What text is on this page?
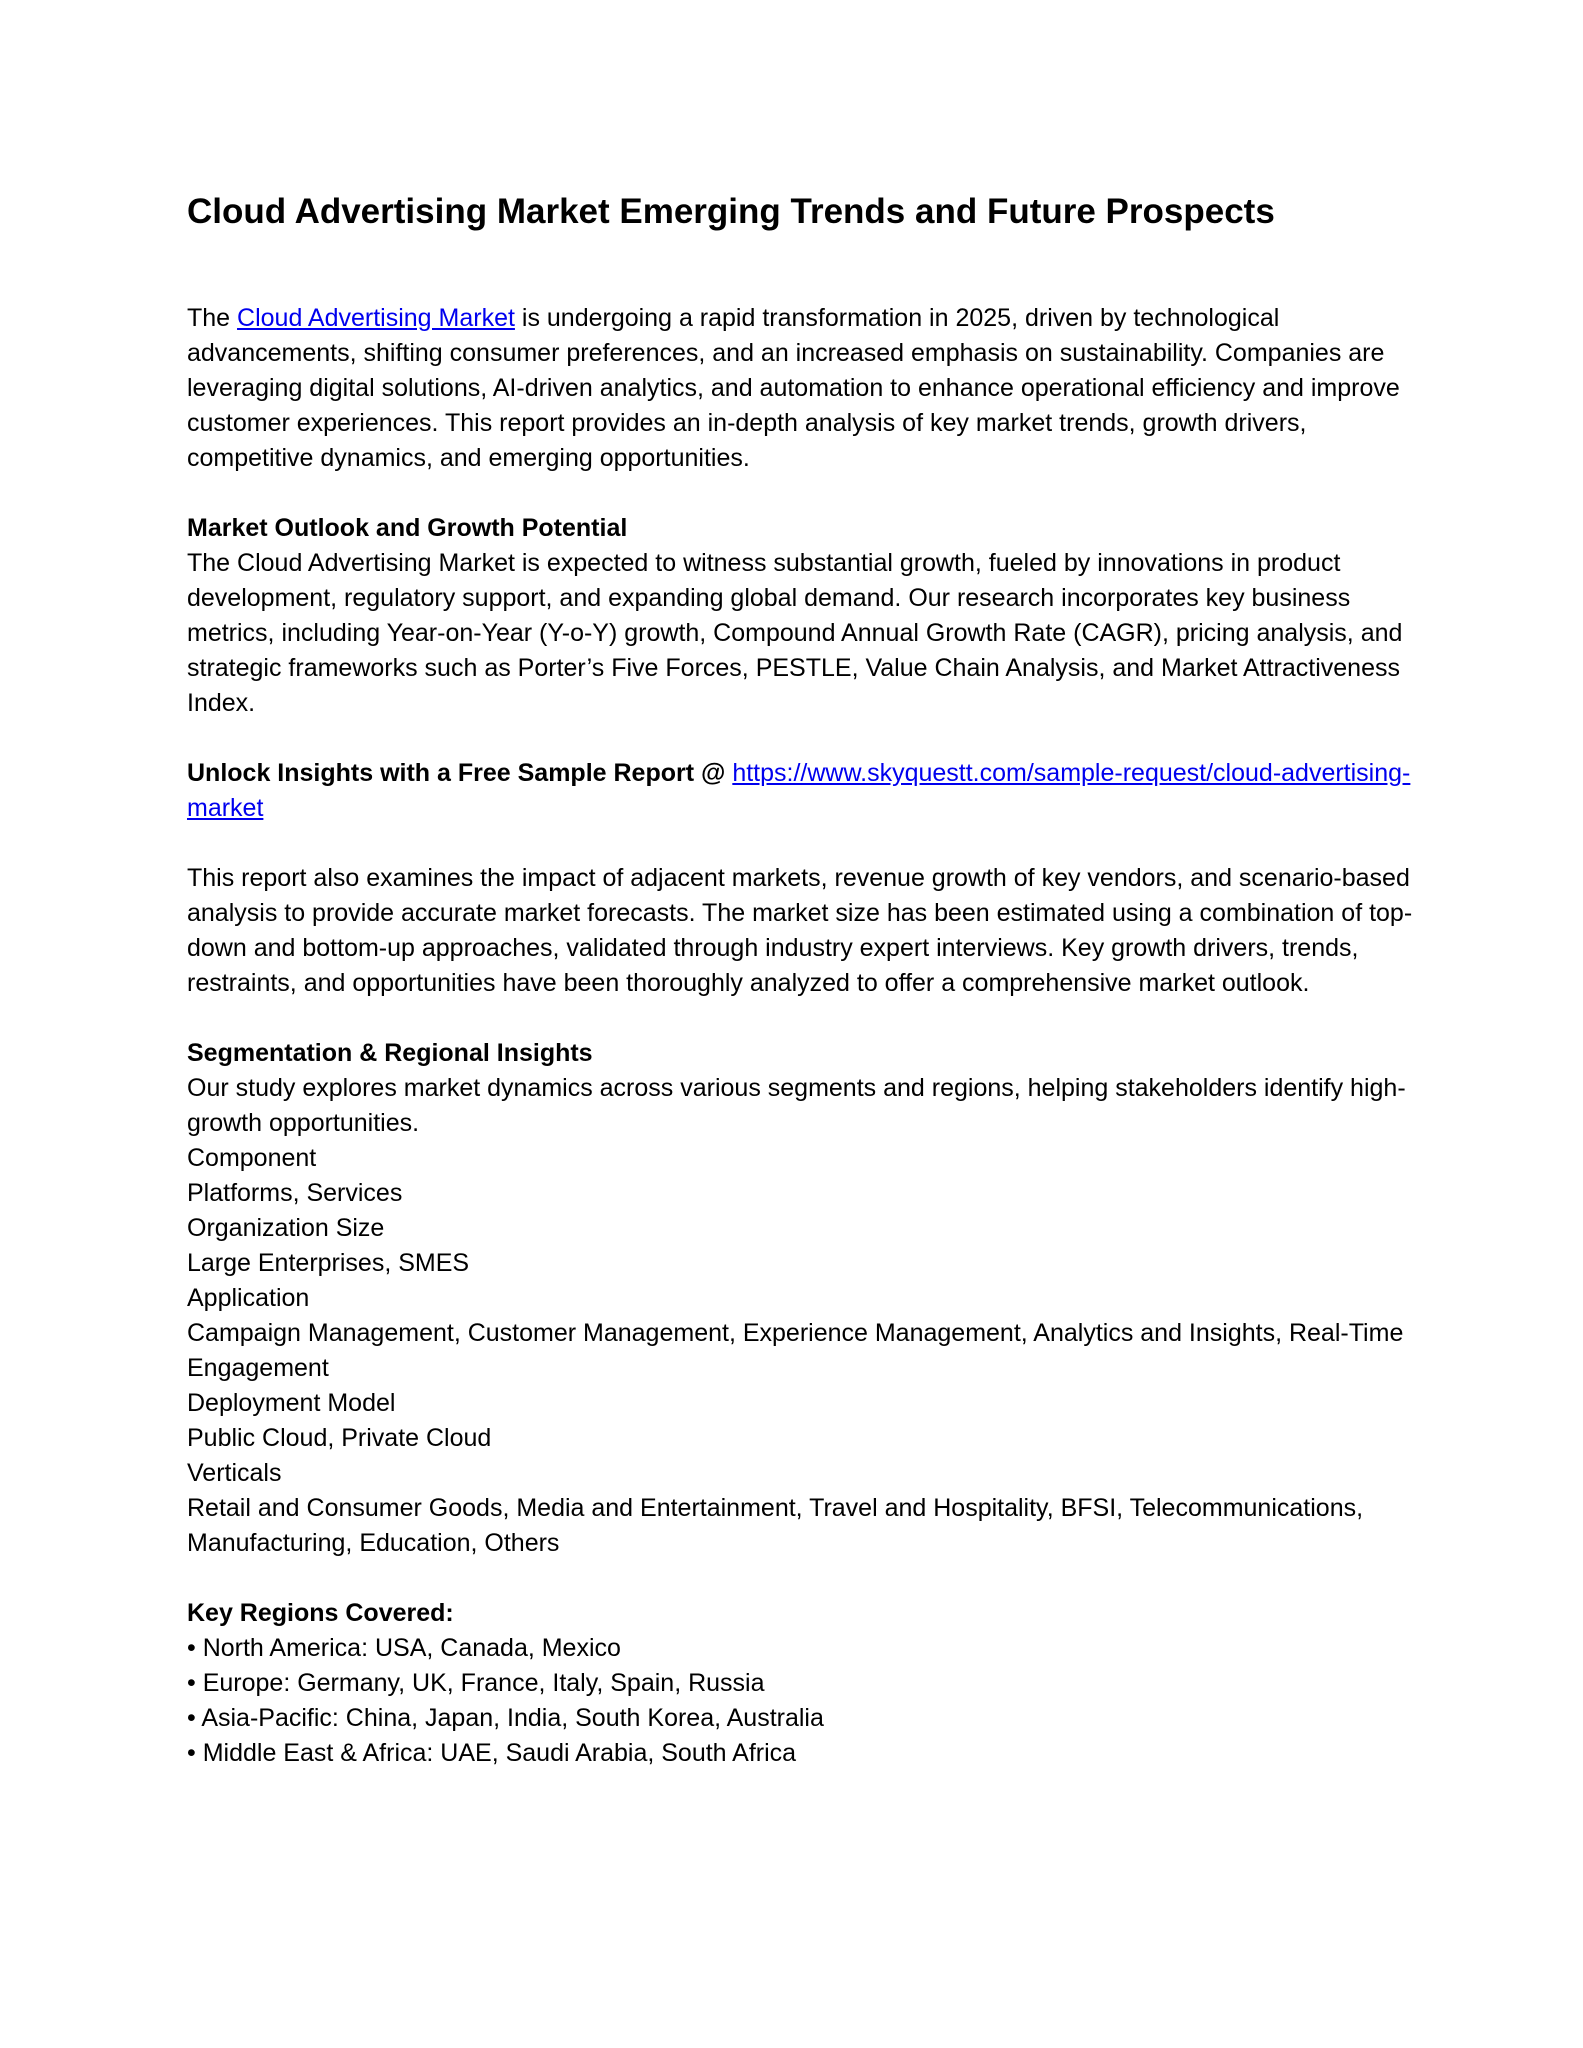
Cloud Advertising Market Emerging Trends and Future Prospects

The Cloud Advertising Market is undergoing a rapid transformation in 2025, driven by technological advancements, shifting consumer preferences, and an increased emphasis on sustainability. Companies are leveraging digital solutions, AI-driven analytics, and automation to enhance operational efficiency and improve customer experiences. This report provides an in-depth analysis of key market trends, growth drivers, competitive dynamics, and emerging opportunities.

Market Outlook and Growth Potential

The Cloud Advertising Market is expected to witness substantial growth, fueled by innovations in product development, regulatory support, and expanding global demand. Our research incorporates key business metrics, including Year-on-Year (Y-o-Y) growth, Compound Annual Growth Rate (CAGR), pricing analysis, and strategic frameworks such as Porter’s Five Forces, PESTLE, Value Chain Analysis, and Market Attractiveness Index.

Unlock Insights with a Free Sample Report @ https://www.skyquestt.com/sample-request/cloud-advertising-market

This report also examines the impact of adjacent markets, revenue growth of key vendors, and scenario-based analysis to provide accurate market forecasts. The market size has been estimated using a combination of top-down and bottom-up approaches, validated through industry expert interviews. Key growth drivers, trends, restraints, and opportunities have been thoroughly analyzed to offer a comprehensive market outlook.

Segmentation & Regional Insights

Our study explores market dynamics across various segments and regions, helping stakeholders identify high-growth opportunities.

Component

Platforms, Services

Organization Size

Large Enterprises, SMES

Application

Campaign Management, Customer Management, Experience Management, Analytics and Insights, Real-Time Engagement

Deployment Model

Public Cloud, Private Cloud

Verticals

Retail and Consumer Goods, Media and Entertainment, Travel and Hospitality, BFSI, Telecommunications, Manufacturing, Education, Others

Key Regions Covered:

• North America: USA, Canada, Mexico

• Europe: Germany, UK, France, Italy, Spain, Russia

• Asia-Pacific: China, Japan, India, South Korea, Australia

• Middle East & Africa: UAE, Saudi Arabia, South Africa
